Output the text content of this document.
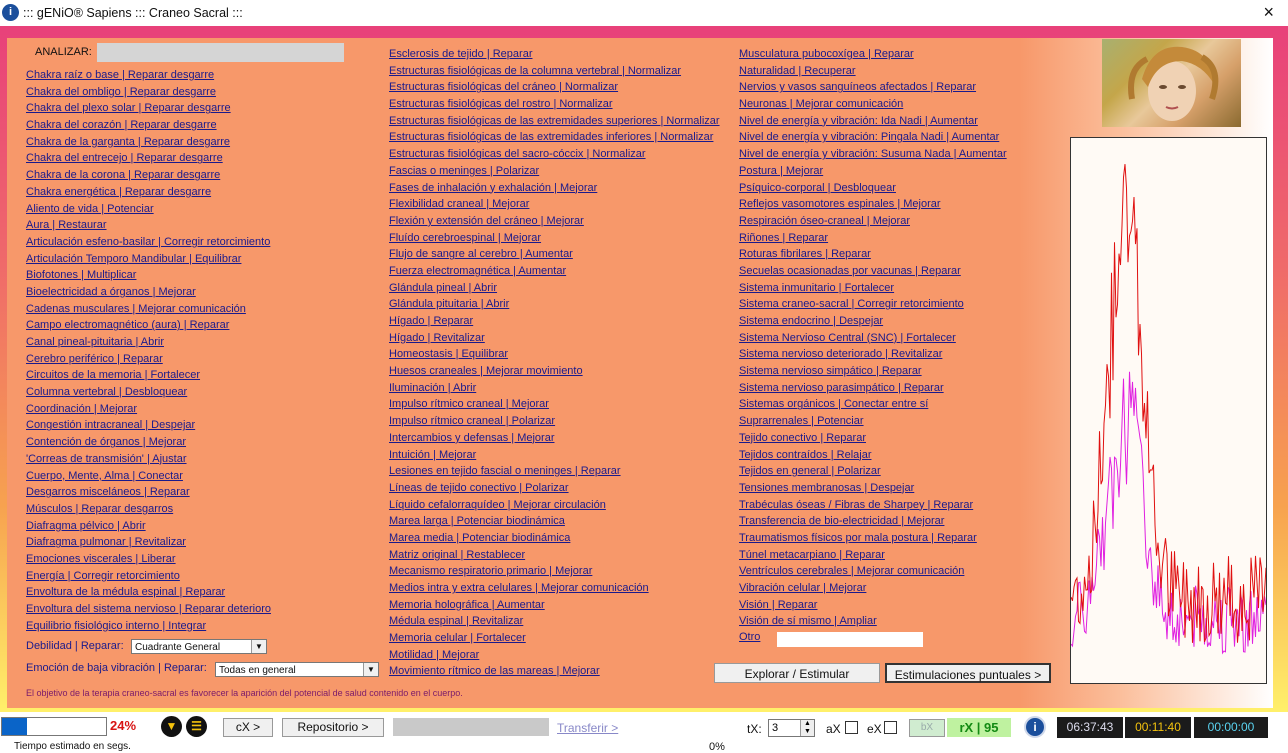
i ::: gENiO® Sapiens ::: Craneo Sacral :::	×
ANALIZAR:
Chakra raíz o base | Reparar desgarre
Chakra del ombligo | Reparar desgarre
Chakra del plexo solar | Reparar desgarre
Chakra del corazón | Reparar desgarre
Chakra de la garganta | Reparar desgarre
Chakra del entrecejo | Reparar desgarre
Chakra de la corona | Reparar desgarre
Chakra energética | Reparar desgarre
Aliento de vida | Potenciar
Aura | Restaurar
Articulación esfeno-basilar | Corregir retorcimiento
Articulación Temporo Mandibular | Equilibrar
Biofotones | Multiplicar
Bioelectricidad a órganos | Mejorar
Cadenas musculares | Mejorar comunicación
Campo electromagnético (aura) | Reparar
Canal pineal-pituitaria | Abrir
Cerebro periférico | Reparar
Circuitos de la memoria | Fortalecer
Columna vertebral | Desbloquear
Coordinación | Mejorar
Congestión intracraneal | Despejar
Contención de órganos | Mejorar
'Correas de transmisión' | Ajustar
Cuerpo, Mente, Alma | Conectar
Desgarros misceláneos | Reparar
Músculos | Reparar desgarros
Diafragma pélvico | Abrir
Diafragma pulmonar | Revitalizar
Emociones viscerales | Liberar
Energía | Corregir retorcimiento
Envoltura de la médula espinal | Reparar
Envoltura del sistema nervioso | Reparar deterioro
Equilibrio fisiológico interno | Integrar
Esclerosis de tejido | Reparar
Estructuras fisiológicas de la columna vertebral | Normalizar
Estructuras fisiológicas del cráneo | Normalizar
Estructuras fisiológicas del rostro | Normalizar
Estructuras fisiológicas de las extremidades superiores | Normalizar
Estructuras fisiológicas de las extremidades inferiores | Normalizar
Estructuras fisiológicas del sacro-cóccix | Normalizar
Fascias o meninges | Polarizar
Fases de inhalación y exhalación | Mejorar
Flexibilidad craneal | Mejorar
Flexión y extensión del cráneo | Mejorar
Fluído cerebroespinal | Mejorar
Flujo de sangre al cerebro | Aumentar
Fuerza electromagnética | Aumentar
Glándula pineal | Abrir
Glándula pituitaria | Abrir
Hígado | Reparar
Hígado | Revitalizar
Homeostasis | Equilibrar
Huesos craneales | Mejorar movimiento
Iluminación | Abrir
Impulso rítmico craneal | Mejorar
Impulso rítmico craneal | Polarizar
Intercambios y defensas | Mejorar
Intuición | Mejorar
Lesiones en tejido fascial o meninges | Reparar
Líneas de tejido conectivo | Polarizar
Líquido cefalorraquídeo | Mejorar circulación
Marea larga | Potenciar biodinámica
Marea media | Potenciar biodinámica
Matriz original | Restablecer
Mecanismo respiratorio primario | Mejorar
Medios intra y extra celulares | Mejorar comunicación
Memoria holográfica | Aumentar
Médula espinal | Revitalizar
Memoria celular | Fortalecer
Motilidad | Mejorar
Movimiento rítmico de las mareas | Mejorar
Musculatura pubocoxígea | Reparar
Naturalidad | Recuperar
Nervios y vasos sanguíneos afectados | Reparar
Neuronas | Mejorar comunicación
Nivel de energía y vibración: Ida Nadi | Aumentar
Nivel de energía y vibración: Pingala Nadi | Aumentar
Nivel de energía y vibración: Susuma Nada | Aumentar
Postura | Mejorar
Psíquico-corporal | Desbloquear
Reflejos vasomotores espinales | Mejorar
Respiración óseo-craneal | Mejorar
Riñones | Reparar
Roturas fibrilares | Reparar
Secuelas ocasionadas por vacunas | Reparar
Sistema inmunitario | Fortalecer
Sistema craneo-sacral | Corregir retorcimiento
Sistema endocrino | Despejar
Sistema Nervioso Central (SNC) | Fortalecer
Sistema nervioso deteriorado | Revitalizar
Sistema nervioso simpático | Reparar
Sistema nervioso parasimpático | Reparar
Sistemas orgánicos | Conectar entre sí
Suprarrenales | Potenciar
Tejido conectivo | Reparar
Tejidos contraídos | Relajar
Tejidos en general | Polarizar
Tensiones membranosas | Despejar
Trabéculas óseas / Fibras de Sharpey | Reparar
Transferencia de bio-electricidad | Mejorar
Traumatismos físicos por mala postura | Reparar
Túnel metacarpiano | Reparar
Ventrículos cerebrales | Mejorar comunicación
Vibración celular | Mejorar
Visión | Reparar
Visión de sí mismo | Ampliar
Debilidad | Reparar:	Cuadrante General	▼
Emoción de baja vibración | Reparar:	Todas en general	▼
Otro
Explorar / Estimular	Estimulaciones puntuales >
El objetivo de la terapia craneo-sacral es favorecer la aparición del potencial de salud contenido en el cuerpo.
24%	▼	☰	cX >	Repositorio >	Transferir >	tX: 3	▲
▼ aX eX	bX	rX | 95	i	06:37:43	00:11:40	00:00:00
Tiempo estimado en segs.	0%
